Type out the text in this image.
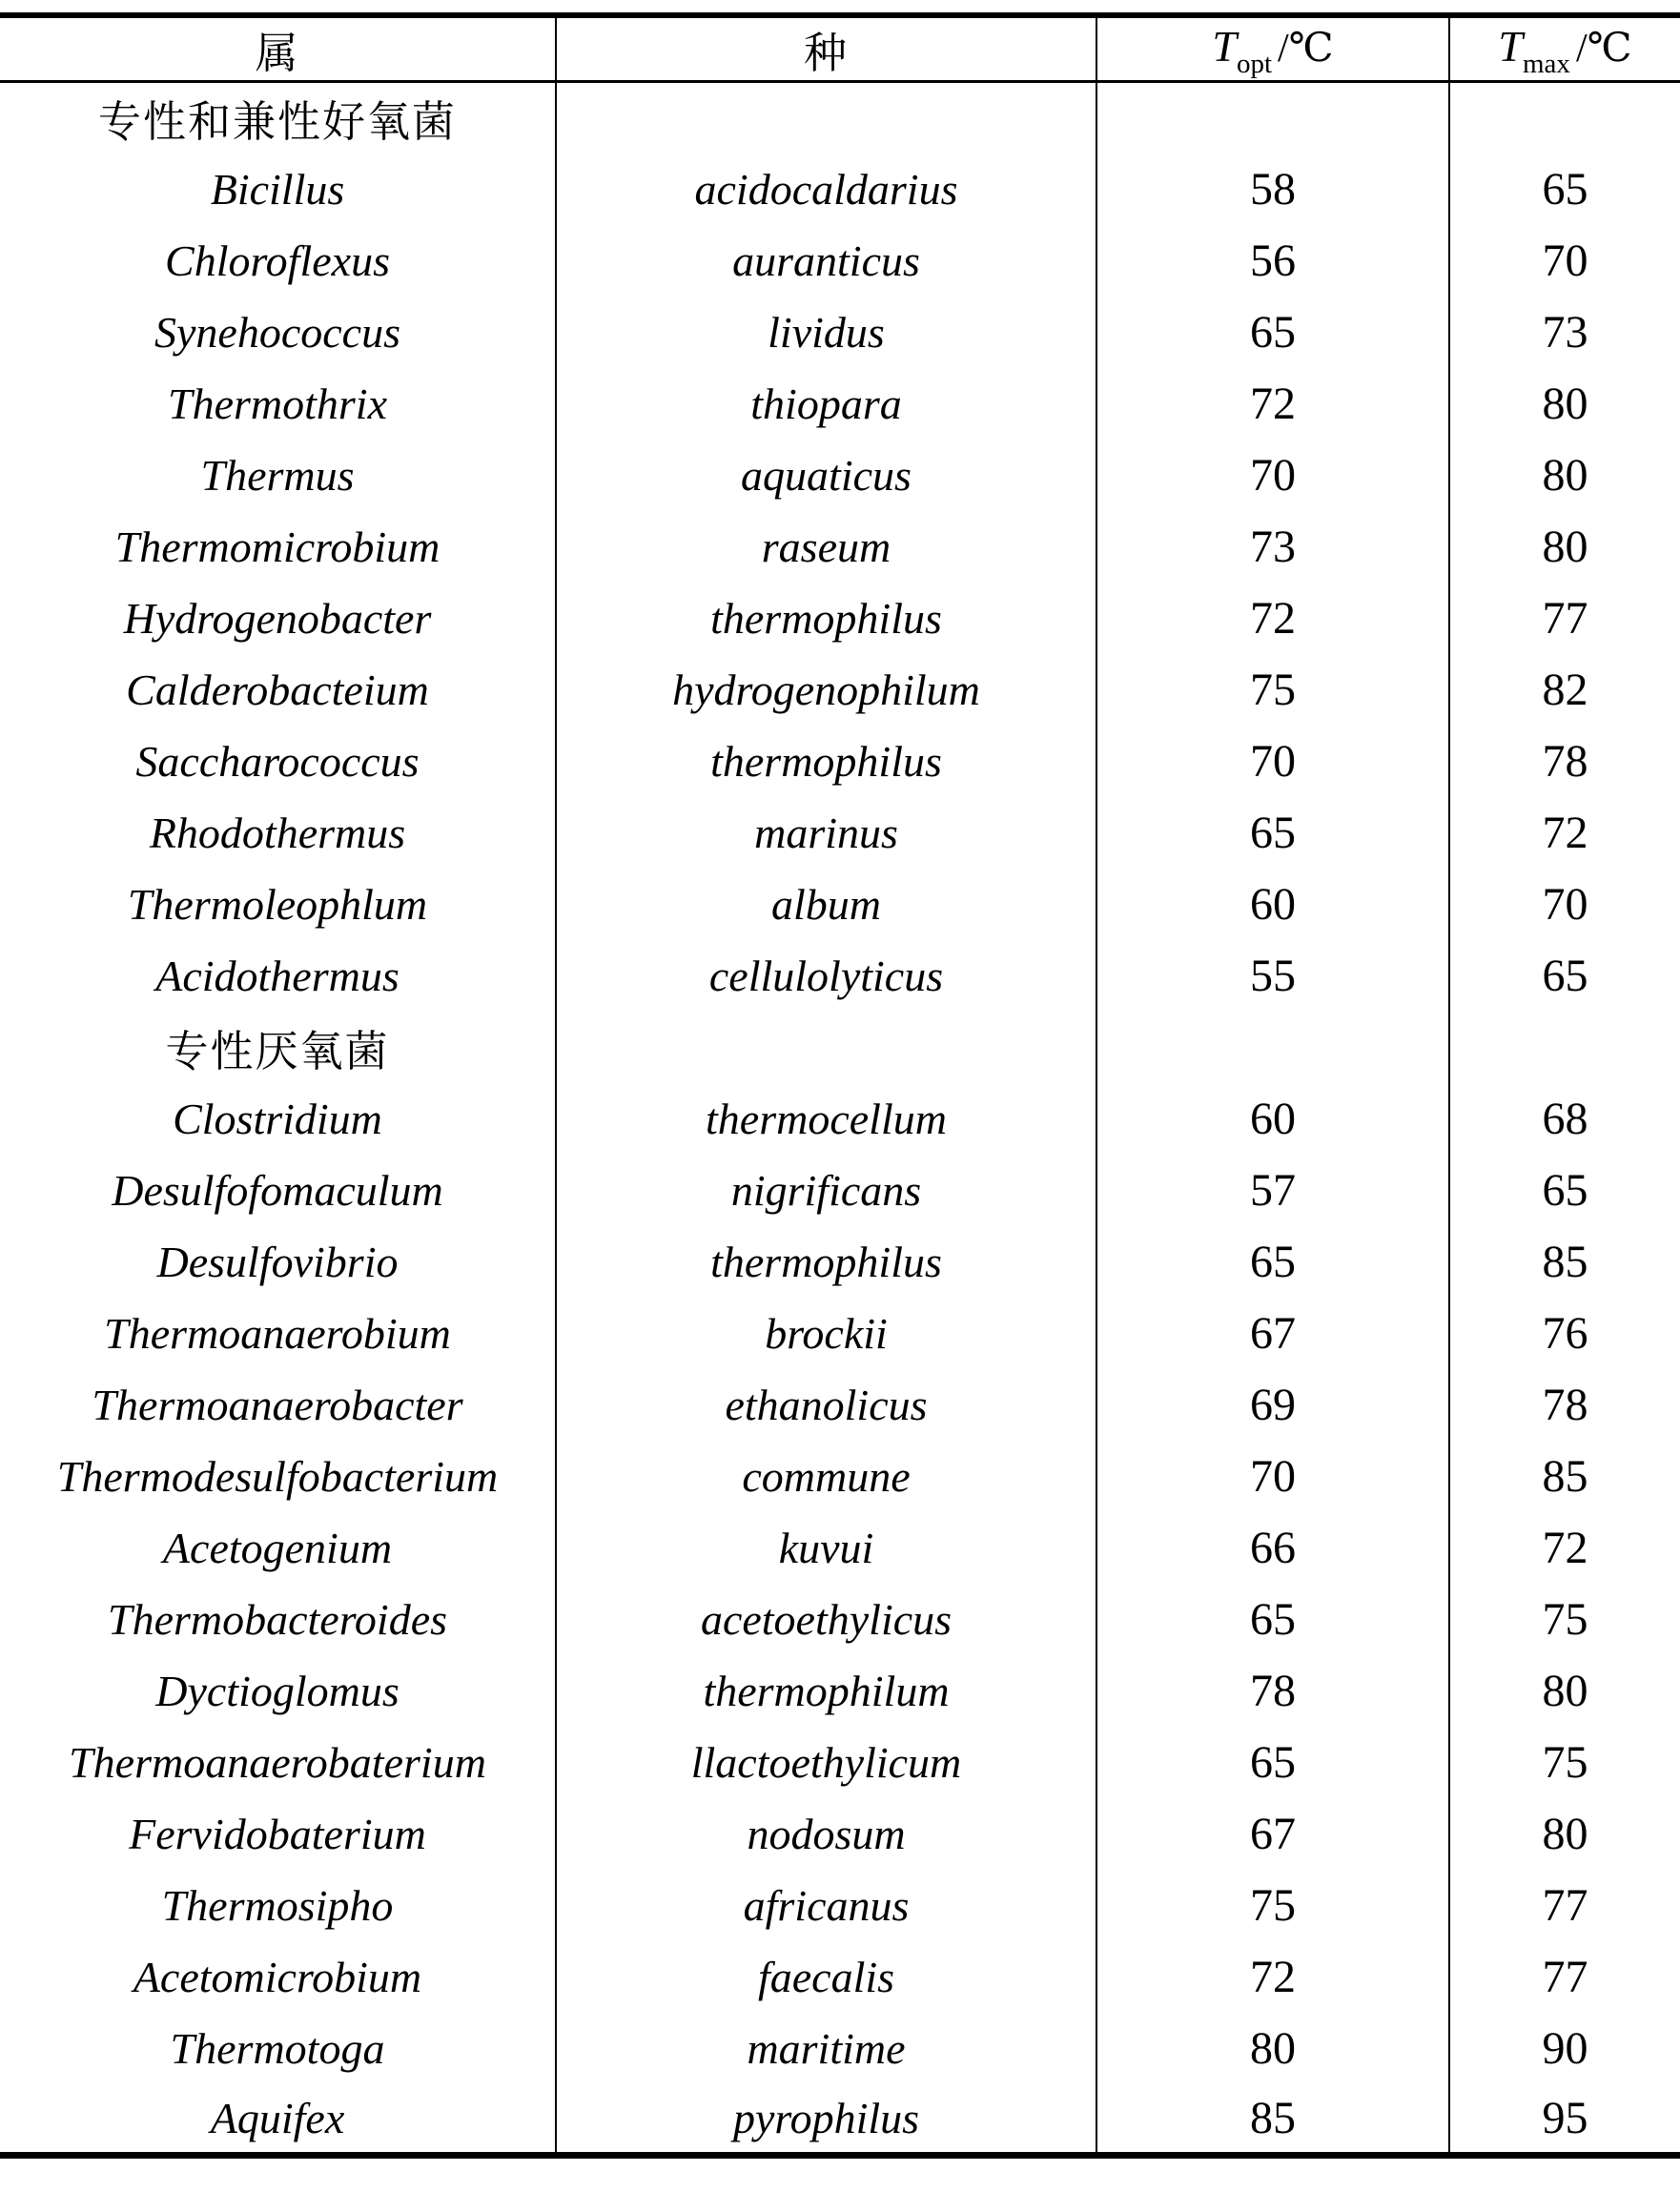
属	种	$T_{opt}$ /℃	$T_{max}$ /℃
专性和兼性好氧菌			
Bicillus	acidocaldarius	58	65
Chloroflexus	auranticus	56	70
Synehococcus	lividus	65	73
Thermothrix	thiopara	72	80
Thermus	aquaticus	70	80
Thermomicrobium	raseum	73	80
Hydrogenobacter	thermophilus	72	77
Calderobacteium	hydrogenophilum	75	82
Saccharococcus	thermophilus	70	78
Rhodothermus	marinus	65	72
Thermoleophlum	album	60	70
Acidothermus	cellulolyticus	55	65
专性厌氧菌			
Clostridium	thermocellum	60	68
Desulfofomaculum	nigrificans	57	65
Desulfovibrio	thermophilus	65	85
Thermoanaerobium	brockii	67	76
Thermoanaerobacter	ethanolicus	69	78
Thermodesulfobacterium	commune	70	85
Acetogenium	kuvui	66	72
Thermobacteroides	acetoethylicus	65	75
Dyctioglomus	thermophilum	78	80
Thermoanaerobaterium	llactoethylicum	65	75
Fervidobaterium	nodosum	67	80
Thermosipho	africanus	75	77
Acetomicrobium	faecalis	72	77
Thermotoga	maritime	80	90
Aquifex	pyrophilus	85	95
